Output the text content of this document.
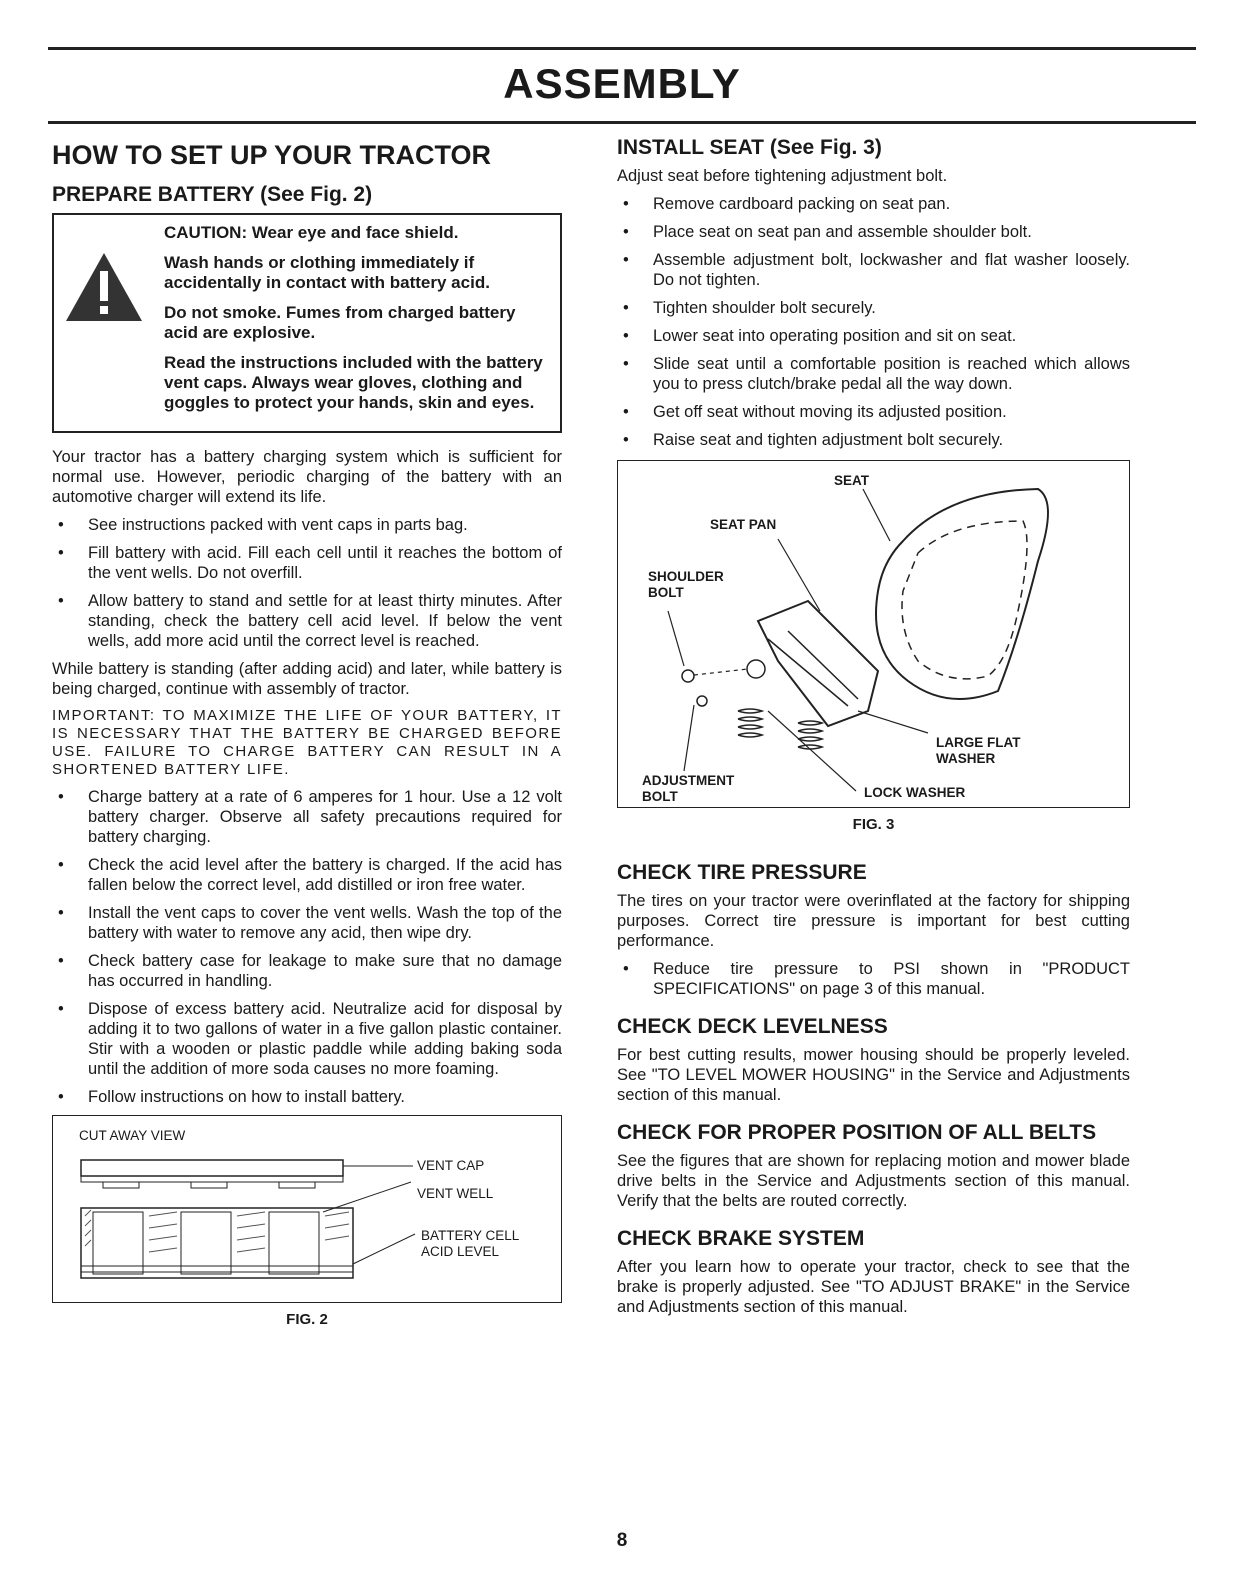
ASSEMBLY
HOW TO SET UP YOUR TRACTOR
PREPARE BATTERY (See Fig. 2)

CAUTION: Wear eye and face shield.

Wash hands or clothing immediately if accidentally in contact with battery acid.

Do not smoke. Fumes from charged battery acid are explosive.

Read the instructions included with the battery vent caps. Always wear gloves, clothing and goggles to protect your hands, skin and eyes.

Your tractor has a battery charging system which is sufficient for normal use. However, periodic charging of the battery with an automotive charger will extend its life.

• See instructions packed with vent caps in parts bag.
• Fill battery with acid. Fill each cell until it reaches the bottom of the vent wells. Do not overfill.
• Allow battery to stand and settle for at least thirty minutes. After standing, check the battery cell acid level. If below the vent wells, add more acid until the correct level is reached.

While battery is standing (after adding acid) and later, while battery is being charged, continue with assembly of tractor.

IMPORTANT: TO MAXIMIZE THE LIFE OF YOUR BATTERY, IT IS NECESSARY THAT THE BATTERY BE CHARGED BEFORE USE. FAILURE TO CHARGE BATTERY CAN RESULT IN A SHORTENED BATTERY LIFE.
• Charge battery at a rate of 6 amperes for 1 hour. Use a 12 volt battery charger. Observe all safety precautions required for battery charging.
• Check the acid level after the battery is charged. If the acid has fallen below the correct level, add distilled or iron free water.
• Install the vent caps to cover the vent wells. Wash the top of the battery with water to remove any acid, then wipe dry.
• Check battery case for leakage to make sure that no damage has occurred in handling.
• Dispose of excess battery acid. Neutralize acid for disposal by adding it to two gallons of water in a five gallon plastic container. Stir with a wooden or plastic paddle while adding baking soda until the addition of more soda causes no more foaming.
• Follow instructions on how to install battery.
CUT AWAY VIEW
VENT CAP
VENT WELL
BATTERY CELL
ACID LEVEL
FIG. 2
INSTALL SEAT (See Fig. 3)

Adjust seat before tightening adjustment bolt.

• Remove cardboard packing on seat pan.
• Place seat on seat pan and assemble shoulder bolt.
• Assemble adjustment bolt, lockwasher and flat washer loosely. Do not tighten.
• Tighten shoulder bolt securely.
• Lower seat into operating position and sit on seat.
• Slide seat until a comfortable position is reached which allows you to press clutch/brake pedal all the way down.
• Get off seat without moving its adjusted position.
• Raise seat and tighten adjustment bolt securely.
SEAT
SEAT PAN
SHOULDER
BOLT
LARGE FLAT
WASHER
ADJUSTMENT
BOLT	LOCK WASHER
FIG. 3
CHECK TIRE PRESSURE

The tires on your tractor were overinflated at the factory for shipping purposes. Correct tire pressure is important for best cutting performance.

• Reduce tire pressure to PSI shown in "PRODUCT SPECIFICATIONS" on page 3 of this manual.
CHECK DECK LEVELNESS

For best cutting results, mower housing should be properly leveled. See "TO LEVEL MOWER HOUSING" in the Service and Adjustments section of this manual.

CHECK FOR PROPER POSITION OF ALL BELTS

See the figures that are shown for replacing motion and mower blade drive belts in the Service and Adjustments section of this manual. Verify that the belts are routed correctly.

CHECK BRAKE SYSTEM

After you learn how to operate your tractor, check to see that the brake is properly adjusted. See "TO ADJUST BRAKE" in the Service and Adjustments section of this manual.

8
